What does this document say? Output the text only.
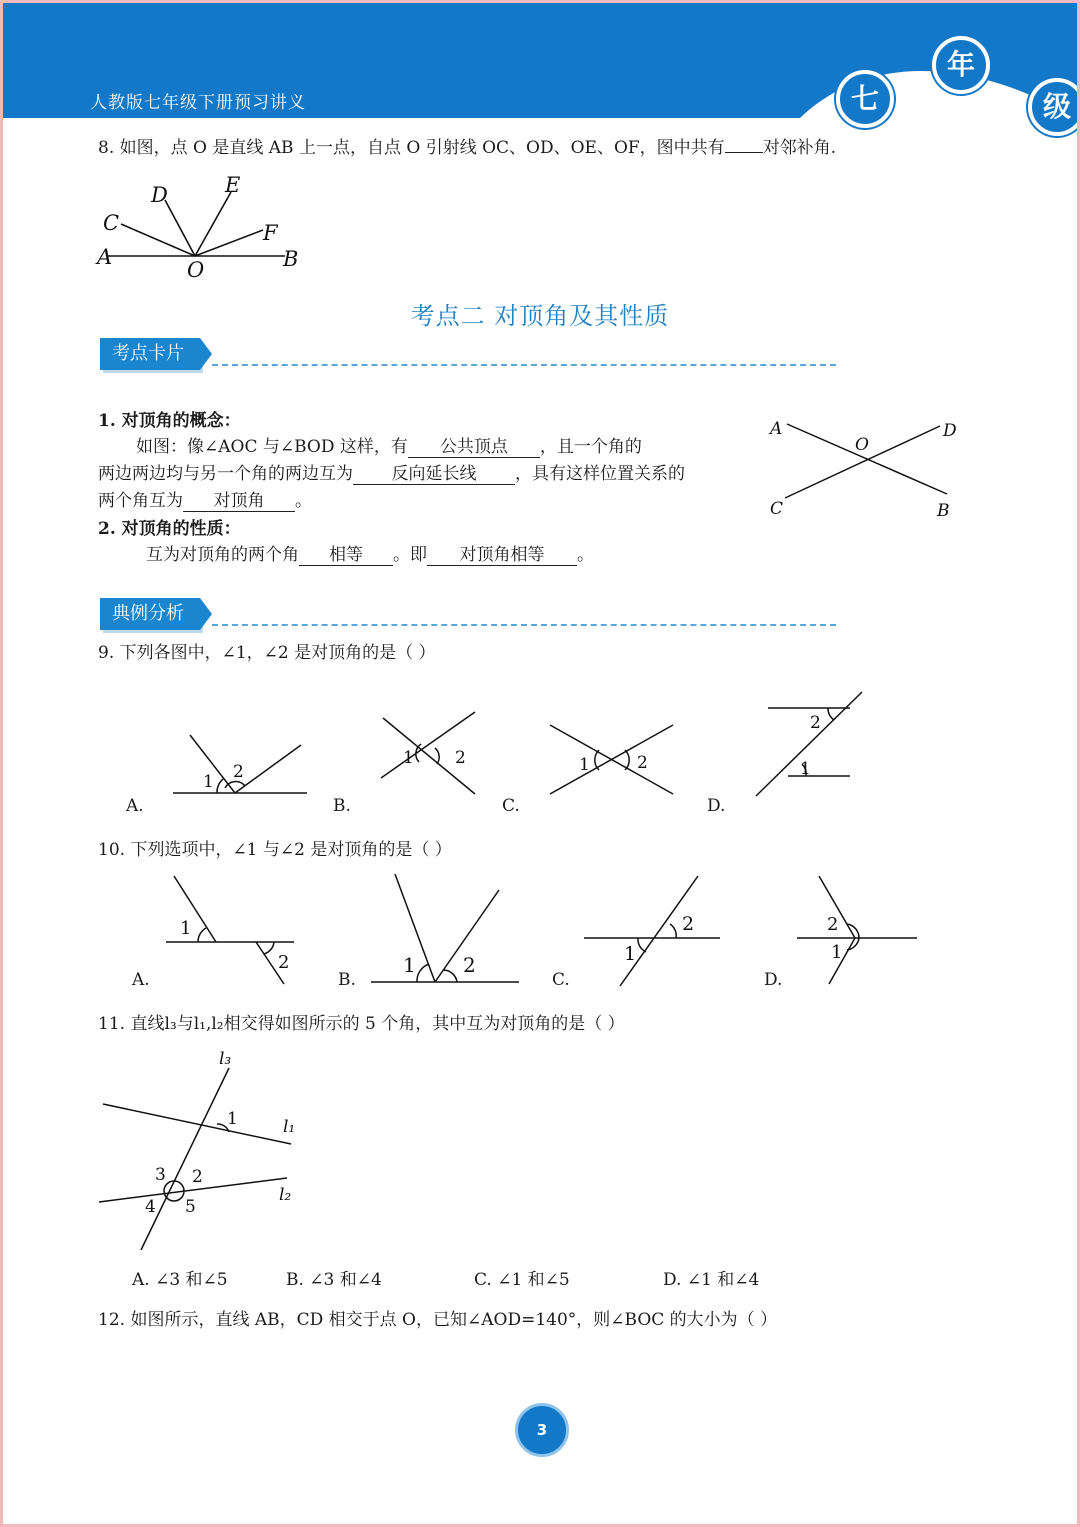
人教版七年级下册预习讲义	七
年
级
8. 如图，点 O 是直线 AB 上一点，自点 O 引射线 OC、OD、OE、OF，图中共有 对邻补角.
D	E
C	F
A
O	B
考点二 对顶角及其性质
考点卡片
1. 对顶角的概念：
如图：像∠AOC 与∠BOD 这样，有 公共顶点 ，且一个角的
两边两边均与另一个角的两边互为 反向延长线 ，具有这样位置关系的
两个角互为 对顶角 。
2. 对顶角的性质：
互为对顶角的两个角 相等 。即 对顶角相等 。
A
O
D
C	B
典例分析
9. 下列各图中，∠1，∠2 是对顶角的是（ ）
1 2
1 2	1	2
2
1
A.	B.	C.	D.
10. 下列选项中，∠1 与∠2 是对顶角的是（ ）
1
2	1 2
2
1
2
1
A.	B.	C.	D.
11. 直线l₃与l₁,l₂相交得如图所示的 5 个角，其中互为对顶角的是（ ）
l₃
l₁
l₂
1
2
3
4 5
A. ∠3 和∠5	B. ∠3 和∠4	C. ∠1 和∠5	D. ∠1 和∠4
12. 如图所示，直线 AB，CD 相交于点 O，已知∠AOD=140°，则∠BOC 的大小为（ ）
3
